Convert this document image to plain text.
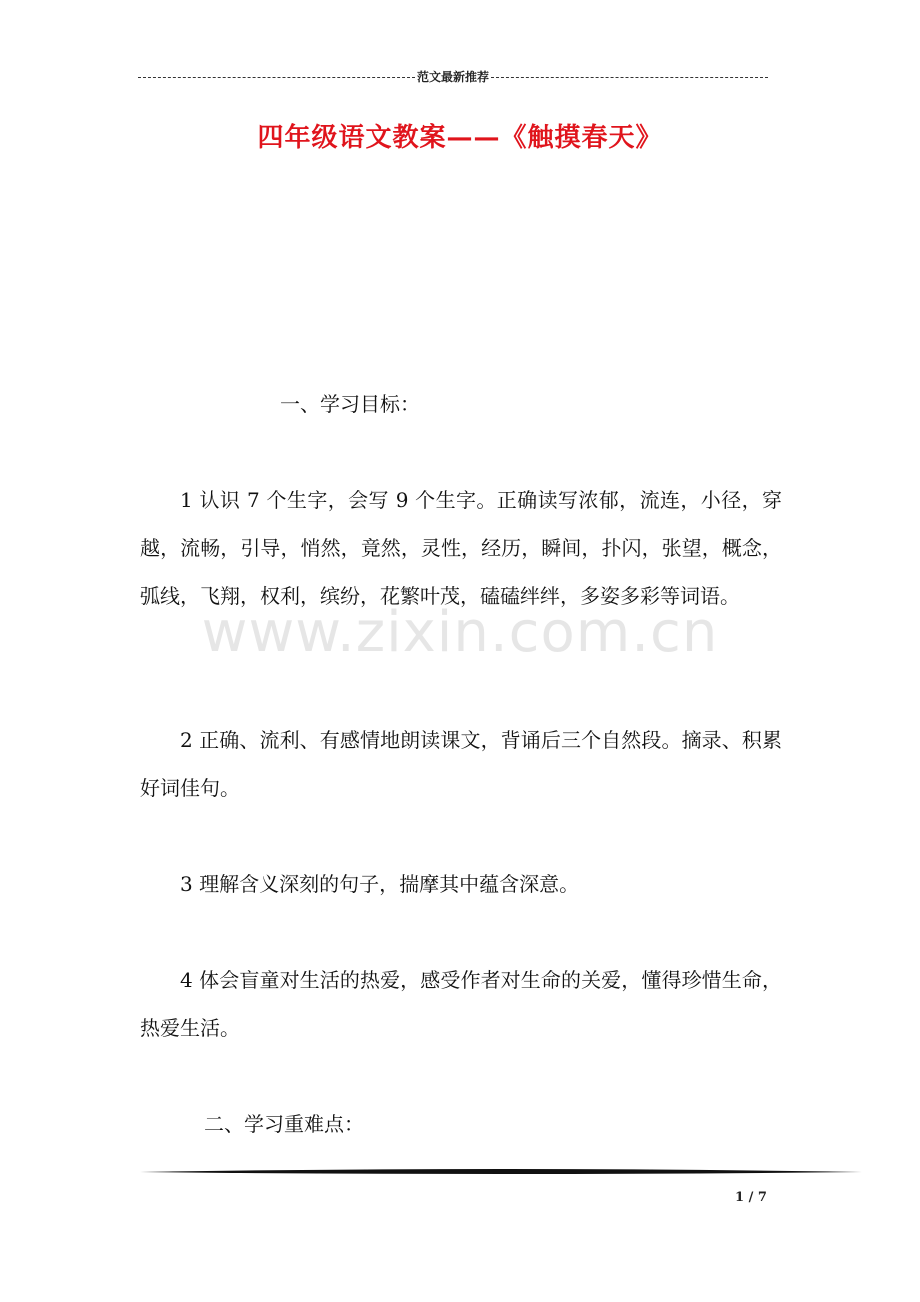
范文最新推荐
四年级语文教案——《触摸春天》
www.zixin.com.cn

一、学习目标：

1 认识 7 个生字，会写 9 个生字。正确读写浓郁，流连，小径，穿越，流畅，引导，悄然，竟然，灵性，经历，瞬间，扑闪，张望，概念，弧线，飞翔，权利，缤纷，花繁叶茂，磕磕绊绊，多姿多彩等词语。

2 正确、流利、有感情地朗读课文，背诵后三个自然段。摘录、积累好词佳句。

3 理解含义深刻的句子，揣摩其中蕴含深意。

4 体会盲童对生活的热爱，感受作者对生命的关爱，懂得珍惜生命，热爱生活。

二、学习重难点：

1 / 7
